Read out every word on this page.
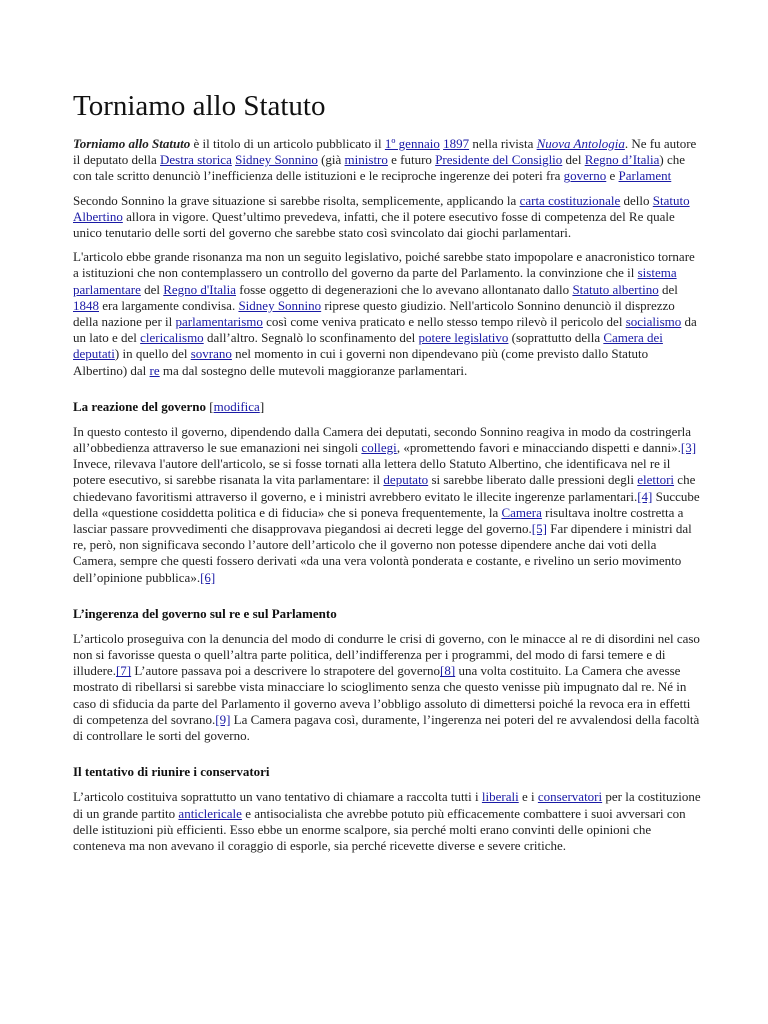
Torniamo allo Statuto

Torniamo allo Statuto è il titolo di un articolo pubblicato il 1º gennaio 1897 nella rivista Nuova Antologia. Ne fu autore il deputato della Destra storica Sidney Sonnino (già ministro e futuro Presidente del Consiglio del Regno d’Italia) che con tale scritto denunciò l’inefficienza delle istituzioni e le reciproche ingerenze dei poteri fra governo e Parlament

Secondo Sonnino la grave situazione si sarebbe risolta, semplicemente, applicando la carta costituzionale dello Statuto Albertino allora in vigore. Quest’ultimo prevedeva, infatti, che il potere esecutivo fosse di competenza del Re quale unico tenutario delle sorti del governo che sarebbe stato così svincolato dai giochi parlamentari.

L'articolo ebbe grande risonanza ma non un seguito legislativo, poiché sarebbe stato impopolare e anacronistico tornare a istituzioni che non contemplassero un controllo del governo da parte del Parlamento. la convinzione che il sistema parlamentare del Regno d'Italia fosse oggetto di degenerazioni che lo avevano allontanato dallo Statuto albertino del 1848 era largamente condivisa. Sidney Sonnino riprese questo giudizio. Nell'articolo Sonnino denunciò il disprezzo della nazione per il parlamentarismo così come veniva praticato e nello stesso tempo rilevò il pericolo del socialismo da un lato e del clericalismo dall’altro. Segnalò lo sconfinamento del potere legislativo (soprattutto della Camera dei deputati) in quello del sovrano nel momento in cui i governi non dipendevano più (come previsto dallo Statuto Albertino) dal re ma dal sostegno delle mutevoli maggioranze parlamentari.

La reazione del governo [modifica]

In questo contesto il governo, dipendendo dalla Camera dei deputati, secondo Sonnino reagiva in modo da costringerla all’obbedienza attraverso le sue emanazioni nei singoli collegi, «promettendo favori e minacciando dispetti e danni».[3] Invece, rilevava l'autore dell'articolo, se si fosse tornati alla lettera dello Statuto Albertino, che identificava nel re il potere esecutivo, si sarebbe risanata la vita parlamentare: il deputato si sarebbe liberato dalle pressioni degli elettori che chiedevano favoritismi attraverso il governo, e i ministri avrebbero evitato le illecite ingerenze parlamentari.[4] Succube della «questione cosiddetta politica e di fiducia» che si poneva frequentemente, la Camera risultava inoltre costretta a lasciar passare provvedimenti che disapprovava piegandosi ai decreti legge del governo.[5] Far dipendere i ministri dal re, però, non significava secondo l’autore dell’articolo che il governo non potesse dipendere anche dai voti della Camera, sempre che questi fossero derivati «da una vera volontà ponderata e costante, e rivelino un serio movimento dell’opinione pubblica».[6]

L’ingerenza del governo sul re e sul Parlamento

L’articolo proseguiva con la denuncia del modo di condurre le crisi di governo, con le minacce al re di disordini nel caso non si favorisse questa o quell’altra parte politica, dell’indifferenza per i programmi, del modo di farsi temere e di illudere.[7] L’autore passava poi a descrivere lo strapotere del governo[8] una volta costituito. La Camera che avesse mostrato di ribellarsi si sarebbe vista minacciare lo scioglimento senza che questo venisse più impugnato dal re. Né in caso di sfiducia da parte del Parlamento il governo aveva l’obbligo assoluto di dimettersi poiché la revoca era in effetti di competenza del sovrano.[9] La Camera pagava così, duramente, l’ingerenza nei poteri del re avvalendosi della facoltà di controllare le sorti del governo.

Il tentativo di riunire i conservatori

L’articolo costituiva soprattutto un vano tentativo di chiamare a raccolta tutti i liberali e i conservatori per la costituzione di un grande partito anticlericale e antisocialista che avrebbe potuto più efficacemente combattere i suoi avversari con delle istituzioni più efficienti. Esso ebbe un enorme scalpore, sia perché molti erano convinti delle opinioni che conteneva ma non avevano il coraggio di esporle, sia perché ricevette diverse e severe critiche.
